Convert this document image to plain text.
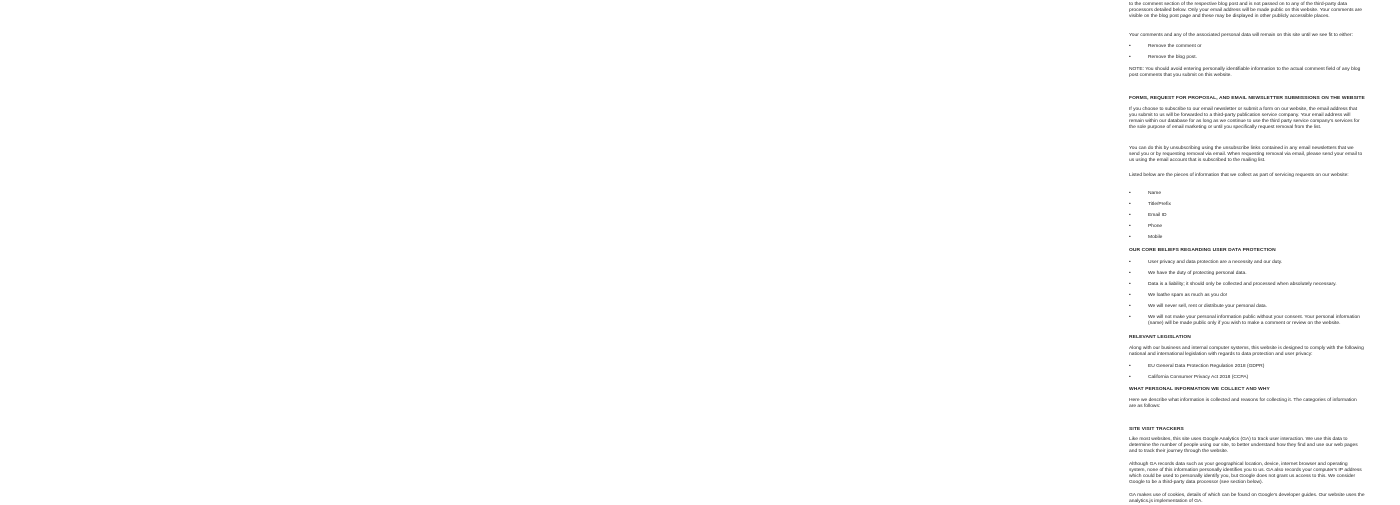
to the comment section of the respective blog post and is not passed on to any of the third-party data processors detailed below. Only your email address will be made public on this website. Your comments are visible on the blog post page and these may be displayed in other publicly accessible places.

Your comments and any of the associated personal data will remain on this site until we see fit to either:

•	Remove the comment or
•	Remove the blog post.

NOTE: You should avoid entering personally identifiable information to the actual comment field of any blog post comments that you submit on this website.

FORMS, REQUEST FOR PROPOSAL, AND EMAIL NEWSLETTER SUBMISSIONS ON THE WEBSITE

If you choose to subscribe to our email newsletter or submit a form on our website, the email address that you submit to us will be forwarded to a third-party publication service company. Your email address will remain within our database for as long as we continue to use the third party service company's services for the sole purpose of email marketing or until you specifically request removal from the list.

You can do this by unsubscribing using the unsubscribe links contained in any email newsletters that we send you or by requesting removal via email. When requesting removal via email, please send your email to us using the email account that is subscribed to the mailing list.

Listed below are the pieces of information that we collect as part of servicing requests on our website:

•	Name
•	Title/Prefix
•	Email ID
•	Phone
•	Mobile

OUR CORE BELIEFS REGARDING USER DATA PROTECTION

•	User privacy and data protection are a necessity and our duty.
•	We have the duty of protecting personal data.
•	Data is a liability; it should only be collected and processed when absolutely necessary.
•	We loathe spam as much as you do!
•	We will never sell, rent or distribute your personal data.
•	We will not make your personal information public without your consent. Your personal information (name) will be made public only if you wish to make a comment or review on the website.

RELEVANT LEGISLATION

Along with our business and internal computer systems, this website is designed to comply with the following national and international legislation with regards to data protection and user privacy:

•	EU General Data Protection Regulation 2018 (GDPR)
•	California Consumer Privacy Act 2018 (CCPA)

WHAT PERSONAL INFORMATION WE COLLECT AND WHY

Here we describe what information is collected and reasons for collecting it. The categories of information are as follows:

SITE VISIT TRACKERS

Like most websites, this site uses Google Analytics (GA) to track user interaction. We use this data to determine the number of people using our site, to better understand how they find and use our web pages and to track their journey through the website.

Although GA records data such as your geographical location, device, internet browser and operating system, none of this information personally identifies you to us. GA also records your computer's IP address which could be used to personally identify you, but Google does not grant us access to this. We consider Google to be a third-party data processor (see section below).

GA makes use of cookies, details of which can be found on Google's developer guides. Our website uses the analytics.js implementation of GA.
